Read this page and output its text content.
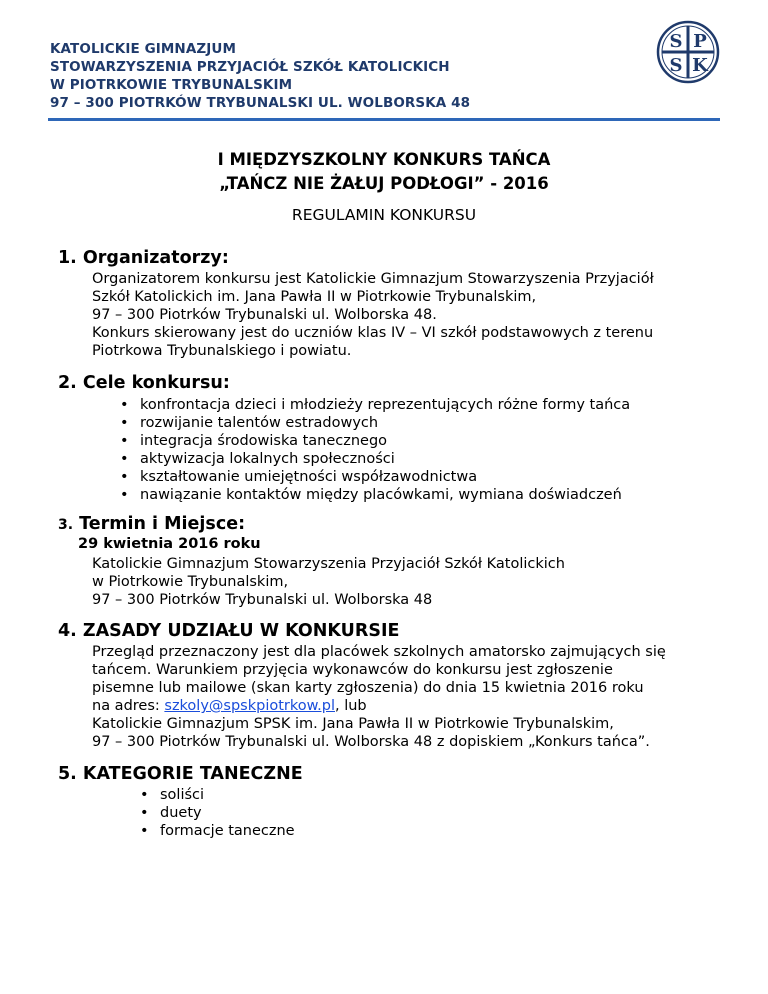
KATOLICKIE GIMNAZJUM
STOWARZYSZENIA PRZYJACIÓŁ SZKÓŁ KATOLICKICH
W PIOTRKOWIE TRYBUNALSKIM
97 – 300 PIOTRKÓW TRYBUNALSKI UL. WOLBORSKA 48
S P
S K
I MIĘDZYSZKOLNY KONKURS TAŃCA
„TAŃCZ NIE ŻAŁUJ PODŁOGI” - 2016
REGULAMIN KONKURSU
1. Organizatorzy:
Organizatorem konkursu jest Katolickie Gimnazjum Stowarzyszenia Przyjaciół
Szkół Katolickich im. Jana Pawła II w Piotrkowie Trybunalskim,
97 – 300 Piotrków Trybunalski ul. Wolborska 48.
Konkurs skierowany jest do uczniów klas IV – VI szkół podstawowych z terenu
Piotrkowa Trybunalskiego i powiatu.
2. Cele konkursu:
• konfrontacja dzieci i młodzieży reprezentujących różne formy tańca
• rozwijanie talentów estradowych
• integracja środowiska tanecznego
• aktywizacja lokalnych społeczności
• kształtowanie umiejętności współzawodnictwa
• nawiązanie kontaktów między placówkami, wymiana doświadczeń
3. Termin i Miejsce:
29 kwietnia 2016 roku
Katolickie Gimnazjum Stowarzyszenia Przyjaciół Szkół Katolickich
w Piotrkowie Trybunalskim,
97 – 300 Piotrków Trybunalski ul. Wolborska 48
4. ZASADY UDZIAŁU W KONKURSIE
Przegląd przeznaczony jest dla placówek szkolnych amatorsko zajmujących się
tańcem. Warunkiem przyjęcia wykonawców do konkursu jest zgłoszenie
pisemne lub mailowe (skan karty zgłoszenia) do dnia 15 kwietnia 2016 roku
na adres: szkoly@spskpiotrkow.pl, lub
Katolickie Gimnazjum SPSK im. Jana Pawła II w Piotrkowie Trybunalskim,
97 – 300 Piotrków Trybunalski ul. Wolborska 48 z dopiskiem „Konkurs tańca”.
5. KATEGORIE TANECZNE
• soliści
• duety
• formacje taneczne
